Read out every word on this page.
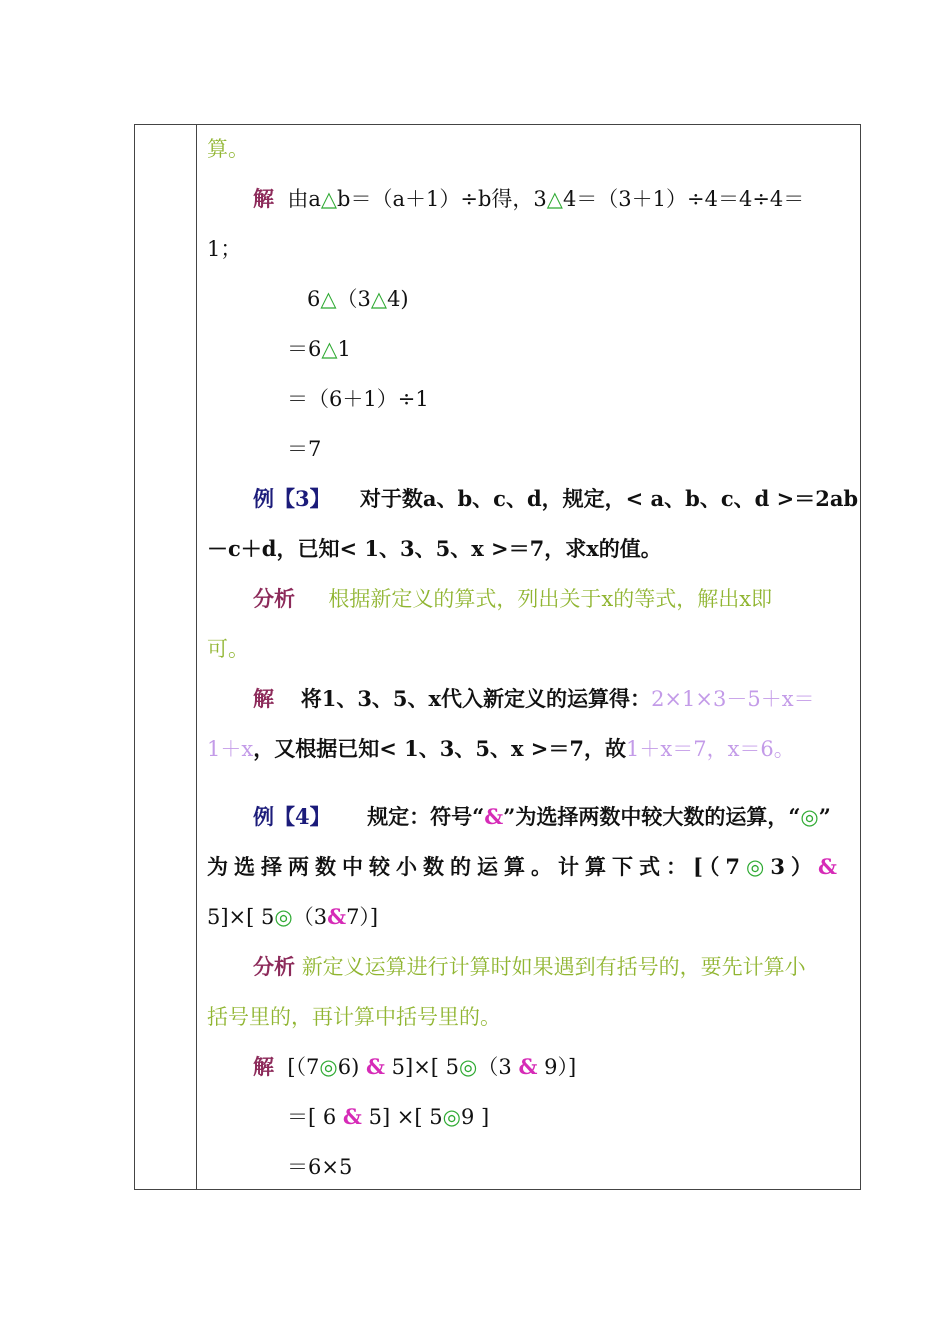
算。
解 由a△b＝（a＋1）÷b得，3△4＝（3＋1）÷4＝4÷4＝
1；
6△（3△4)
＝6△1
＝（6＋1）÷1
＝7
例【3】 对于数a、b、c、d，规定，< a、b、c、d >＝2ab
－c＋d，已知< 1、3、5、x >＝7，求x的值。
分析 根据新定义的算式，列出关于x的等式，解出x即
可。
解 将1、3、5、x代入新定义的运算得：2×1×3－5＋x＝
1＋x，又根据已知< 1、3、5、x >＝7，故1＋x＝7，x＝6。
例【4】 规定：符号“&”为选择两数中较大数的运算，“◎”
为选择两数中较小数的运算。计算下式：[（7◎3）&
5]×[ 5◎（3&7）]
分析 新定义运算进行计算时如果遇到有括号的，要先计算小
括号里的，再计算中括号里的。
解 [（7◎6) & 5]×[ 5◎（3 & 9）]
＝[ 6 & 5] ×[ 5◎9 ]
＝6×5
